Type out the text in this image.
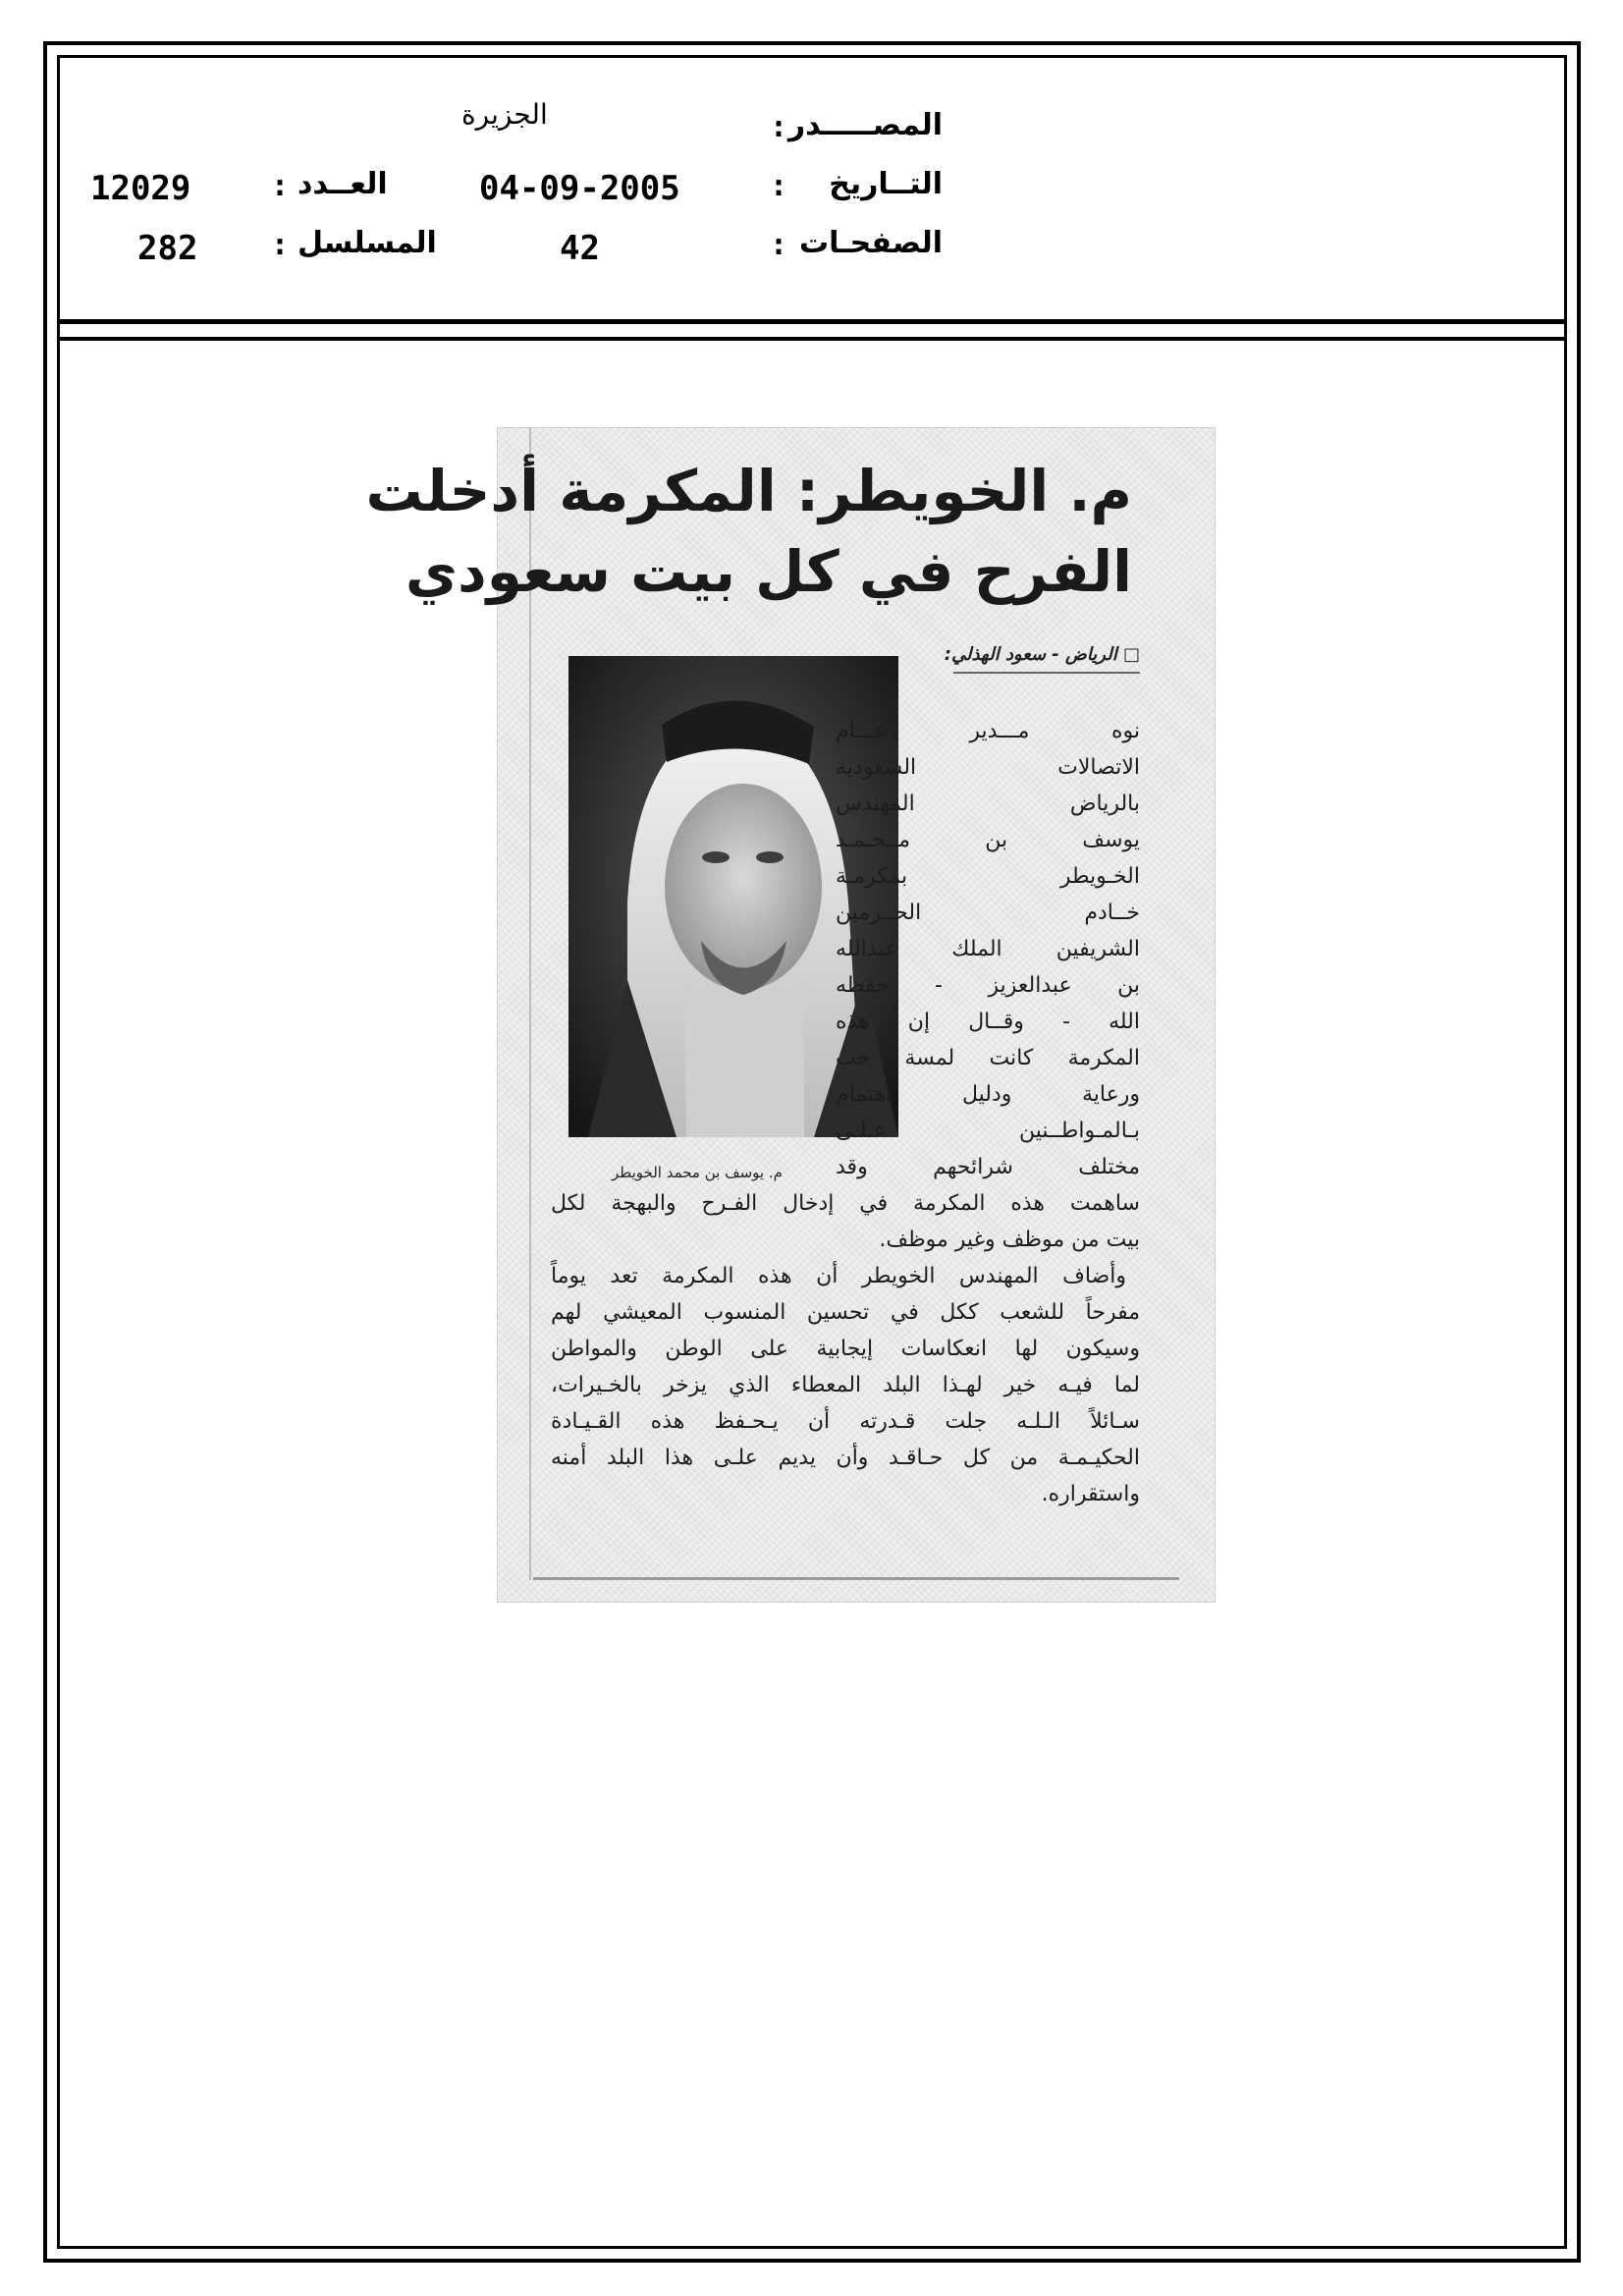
المصـــــدر
:
الجزيرة
التــاريخ
:
04-09-2005
الصفحـات
:
42
العــدد
:
12029
المسلسل
:
282
م. الخويطر: المكرمة أدخلت
الفرح في كل بيت سعودي
□ الرياض - سعود الهذلي:
م. يوسف بن محمد الخويطر
نوه مـــدير عـــام
الاتصالات السعودية
بالرياض المهندس
يوسف بن مــحـمـد
الخـويطر بمكرمـة
خــادم الحــرمين
الشريفين الملك عبدالله
بن عبدالعزيز - حفظه
الله - وقــال إن هذه
المكرمة كانت لمسة حب
ورعاية ودليل اهتمام
بـالمـواطــنين عـلـى
مختلف شرائحهم وقد
ساهمت هذه المكرمة في إدخال الفـرح والبهجة لكل
بيت من موظف وغير موظف.
وأضاف المهندس الخويطر أن هذه المكرمة تعد يوماً
مفرحاً للشعب ككل في تحسين المنسوب المعيشي لهم
وسيكون لها انعكاسات إيجابية على الوطن والمواطن
لما فيـه خير لهـذا البلد المعطاء الذي يزخر بالخـيرات،
سـائلاً الـلـه جلت قـدرته أن يـحـفظ هذه القـيـادة
الحكيـمـة من كل حـاقـد وأن يديم علـى هذا البلد أمنه
واستقراره.
